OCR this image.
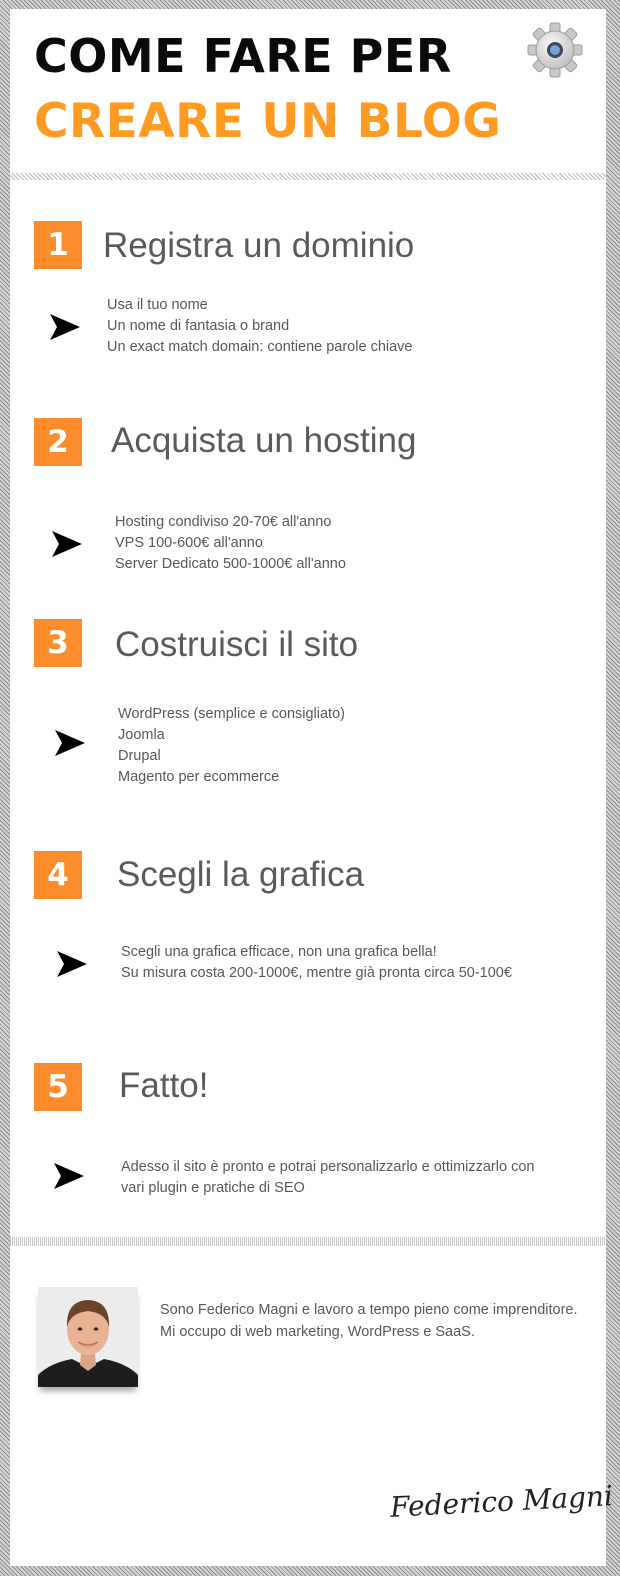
COME FARE PER
CREARE UN BLOG
1 Registra un dominio
Usa il tuo nome
Un nome di fantasia o brand
Un exact match domain: contiene parole chiave
2	Acquista un hosting
Hosting condiviso 20-70€ all'anno
VPS 100-600€ all'anno
Server Dedicato 500-1000€ all'anno
3	Costruisci il sito
WordPress (semplice e consigliato)
Joomla
Drupal
Magento per ecommerce
4	Scegli la grafica
Scegli una grafica efficace, non una grafica bella!
Su misura costa 200-1000€, mentre già pronta circa 50-100€
5	Fatto!
Adesso il sito è pronto e potrai personalizzarlo e ottimizzarlo con vari plugin e pratiche di SEO
Sono Federico Magni e lavoro a tempo pieno come imprenditore.
Mi occupo di web marketing, WordPress e SaaS.
Federico Magni
